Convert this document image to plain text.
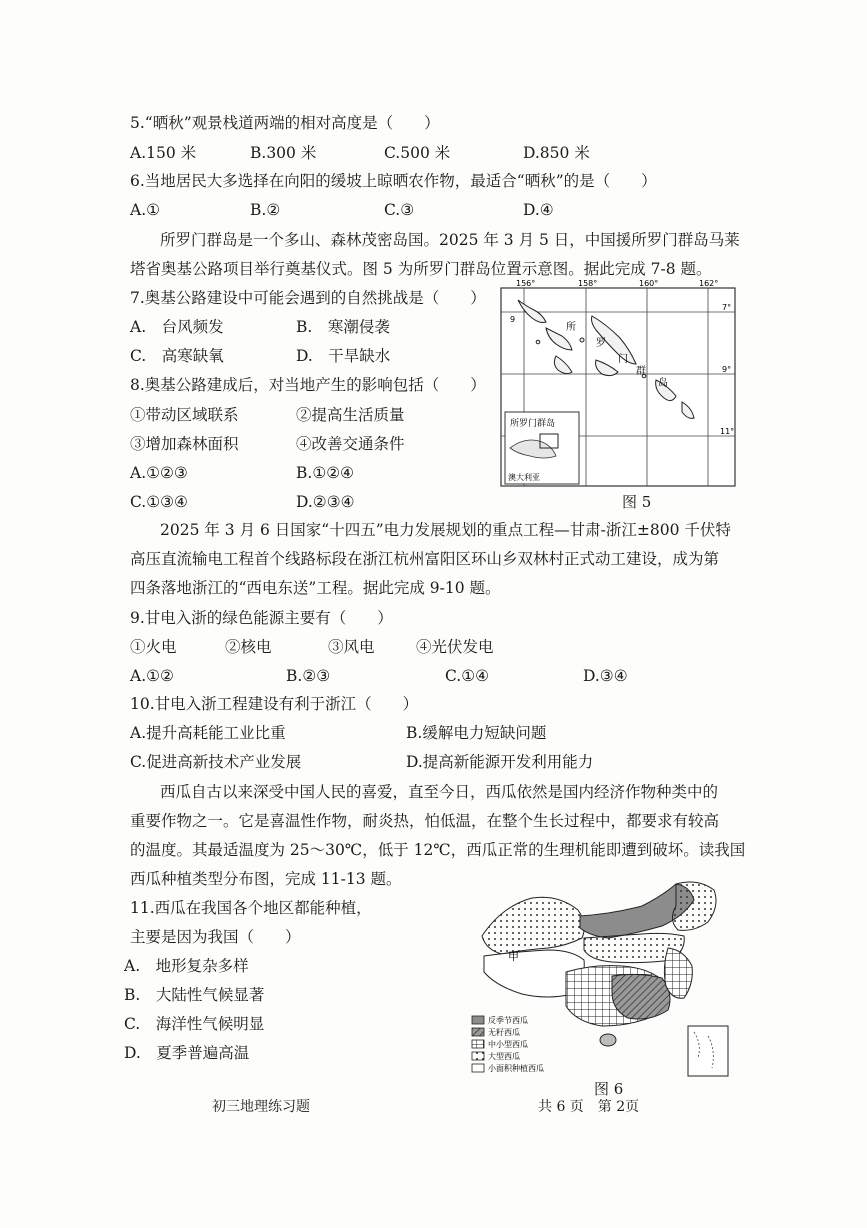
5.“晒秋”观景栈道两端的相对高度是（　　）
A.150 米	B.300 米	C.500 米	D.850 米
6.当地居民大多选择在向阳的缓坡上晾晒农作物，最适合“晒秋”的是（　　）
A.①	B.②	C.③	D.④
所罗门群岛是一个多山、森林茂密岛国。2025 年 3 月 5 日，中国援所罗门群岛马莱
塔省奥基公路项目举行奠基仪式。图 5 为所罗门群岛位置示意图。据此完成 7-8 题。
7.奥基公路建设中可能会遇到的自然挑战是（　　）
A.　台风频发	B.　寒潮侵袭
C.　高寒缺氧	D.　干旱缺水
8.奥基公路建成后，对当地产生的影响包括（　　）
①带动区域联系	②提高生活质量
③增加森林面积	④改善交通条件
A.①②③	B.①②④
C.①③④	D.②③④
156°	158°	160°	162°
7°
9°
11°
9
所
罗
门
群
岛
所罗门群岛
澳大利亚
图 5
2025 年 3 月 6 日国家“十四五”电力发展规划的重点工程—甘肃-浙江±800 千伏特
高压直流输电工程首个线路标段在浙江杭州富阳区环山乡双林村正式动工建设，成为第
四条落地浙江的“西电东送”工程。据此完成 9-10 题。
9.甘电入浙的绿色能源主要有（　　）
①火电	②核电	③风电	④光伏发电
A.①②	B.②③	C.①④	D.③④
10.甘电入浙工程建设有利于浙江（　　）
A.提升高耗能工业比重	B.缓解电力短缺问题
C.促进高新技术产业发展	D.提高新能源开发利用能力
西瓜自古以来深受中国人民的喜爱，直至今日，西瓜依然是国内经济作物种类中的
重要作物之一。它是喜温性作物，耐炎热，怕低温，在整个生长过程中，都要求有较高
的温度。其最适温度为 25～30℃，低于 12℃，西瓜正常的生理机能即遭到破坏。读我国
西瓜种植类型分布图，完成 11-13 题。
11.西瓜在我国各个地区都能种植，
主要是因为我国（　　）
A.　地形复杂多样
B.　大陆性气候显著
C.　海洋性气候明显
D.　夏季普遍高温
甲
反季节西瓜
无籽西瓜
中小型西瓜
大型西瓜
小面积种植西瓜
图 6
初三地理练习题	共 6 页　第 2页
